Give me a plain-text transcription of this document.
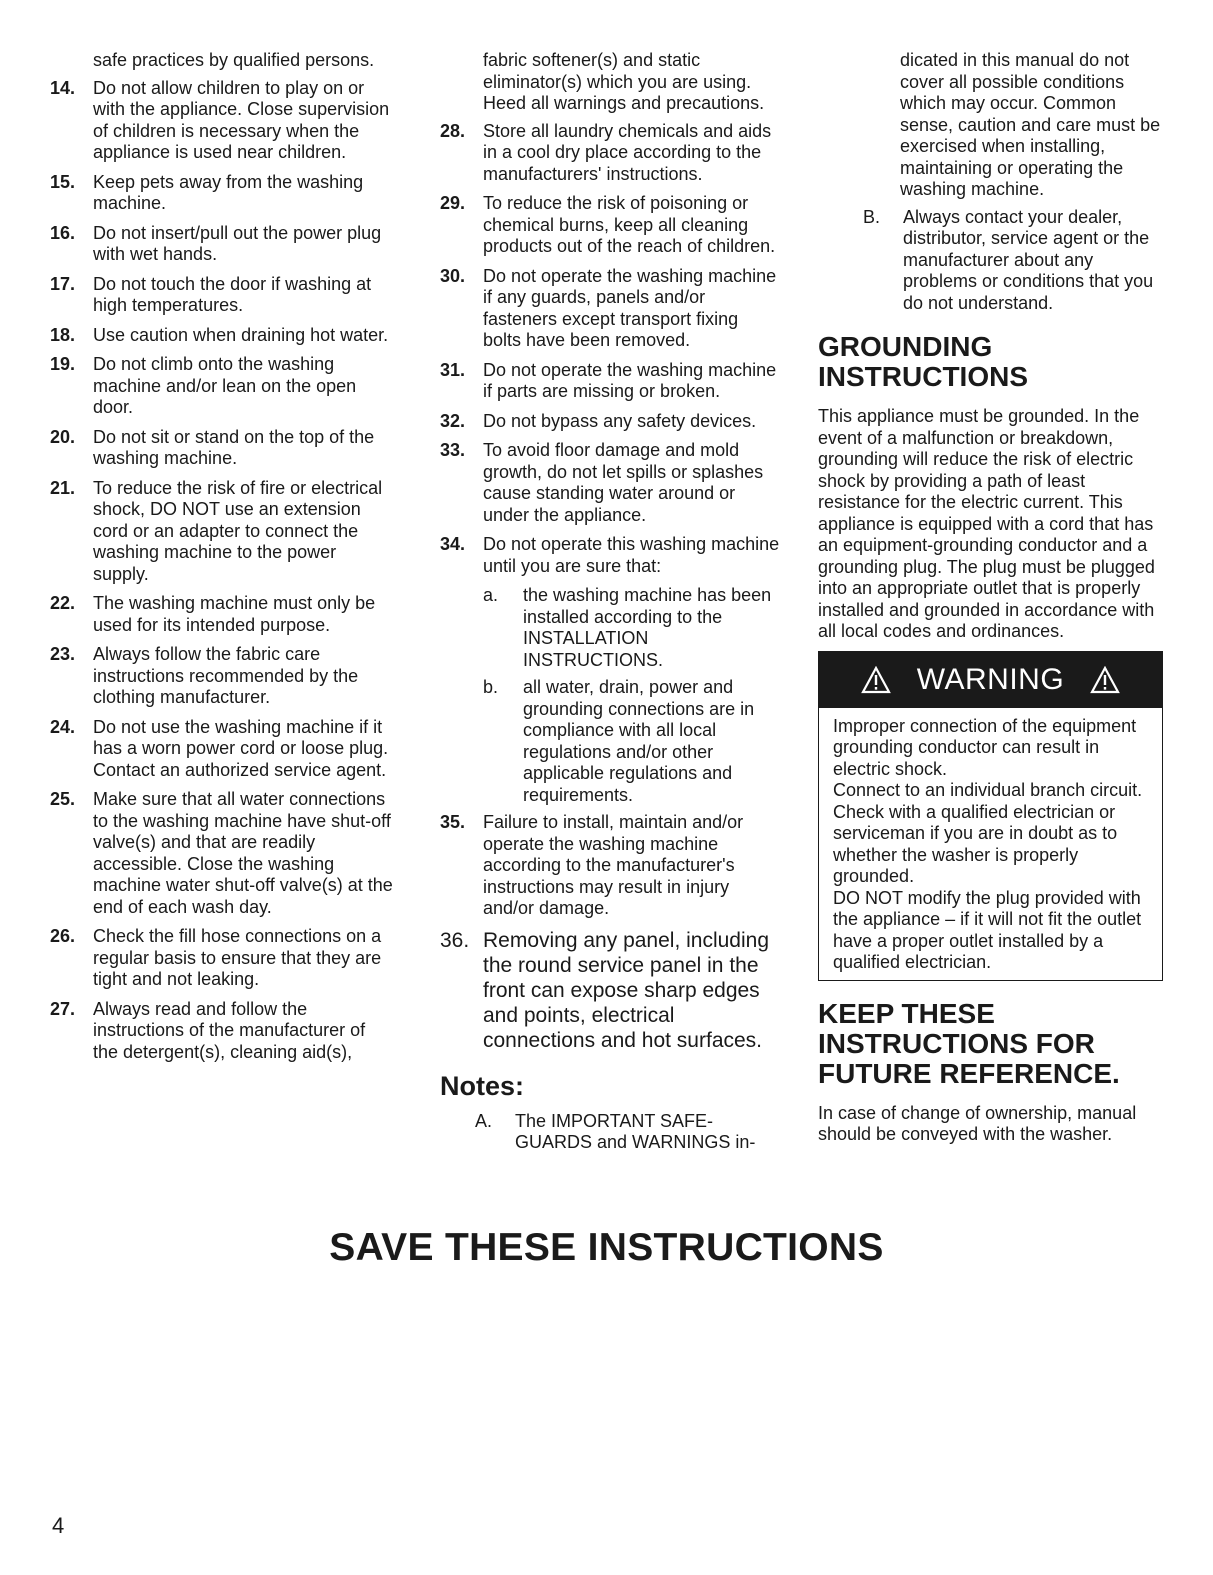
safe practices by qualified persons.
14. Do not allow children to play on or with the appliance. Close supervision of children is necessary when the appliance is used near children.
15. Keep pets away from the washing machine.
16. Do not insert/pull out the power plug with wet hands.
17. Do not touch the door if washing at high temperatures.
18. Use caution when draining hot water.
19. Do not climb onto the washing machine and/or lean on the open door.
20. Do not sit or stand on the top of the washing machine.
21. To reduce the risk of fire or electrical shock, DO NOT use an extension cord or an adapter to connect the washing machine to the power supply.
22. The washing machine must only be used for its intended purpose.
23. Always follow the fabric care instructions recommended by the clothing manufacturer.
24. Do not use the washing machine if it has a worn power cord or loose plug. Contact an authorized service agent.
25. Make sure that all water connections to the washing machine have shut-off valve(s) and that are readily accessible. Close the washing machine water shut-off valve(s) at the end of each wash day.
26. Check the fill hose connections on a regular basis to ensure that they are tight and not leaking.
27. Always read and follow the instructions of the manufacturer of the detergent(s), cleaning aid(s),
fabric softener(s) and static eliminator(s) which you are using. Heed all warnings and precautions.
28. Store all laundry chemicals and aids in a cool dry place according to the manufacturers' instructions.
29. To reduce the risk of poisoning or chemical burns, keep all cleaning products out of the reach of children.
30. Do not operate the washing machine if any guards, panels and/or fasteners except transport fixing bolts have been removed.
31. Do not operate the washing machine if parts are missing or broken.
32. Do not bypass any safety devices.
33. To avoid floor damage and mold growth, do not let spills or splashes cause standing water around or under the appliance.
34. Do not operate this washing machine until you are sure that:
a.	the washing machine has been installed according to the INSTALLATION INSTRUCTIONS.
b.	all water, drain, power and grounding connections are in compliance with all local regulations and/or other applicable regulations and requirements.
35. Failure to install, maintain and/or operate the washing machine according to the manufacturer's instructions may result in injury and/or damage.
36. Removing any panel, including the round service panel in the front can expose sharp edges and points, electrical connections and hot surfaces.
Notes:
A.	The IMPORTANT SAFE-GUARDS and WARNINGS in-
dicated in this manual do not cover all possible conditions which may occur. Common sense, caution and care must be exercised when installing, maintaining or operating the washing machine.
B.	Always contact your dealer, distributor, service agent or the manufacturer about any problems or conditions that you do not understand.
GROUNDING INSTRUCTIONS
This appliance must be grounded. In the event of a malfunction or breakdown, grounding will reduce the risk of electric shock by providing a path of least resistance for the electric current. This appliance is equipped with a cord that has an equipment-grounding conductor and a grounding plug. The plug must be plugged into an appropriate outlet that is properly installed and grounded in accordance with all local codes and ordinances.
WARNING

Improper connection of the equipment grounding conductor can result in electric shock.

Connect to an individual branch circuit.

Check with a qualified electrician or serviceman if you are in doubt as to whether the washer is properly grounded.

DO NOT modify the plug provided with the appliance – if it will not fit the outlet have a proper outlet installed by a qualified electrician.

KEEP THESE INSTRUCTIONS FOR FUTURE REFERENCE.
In case of change of ownership, manual should be conveyed with the washer.
SAVE THESE INSTRUCTIONS
4
